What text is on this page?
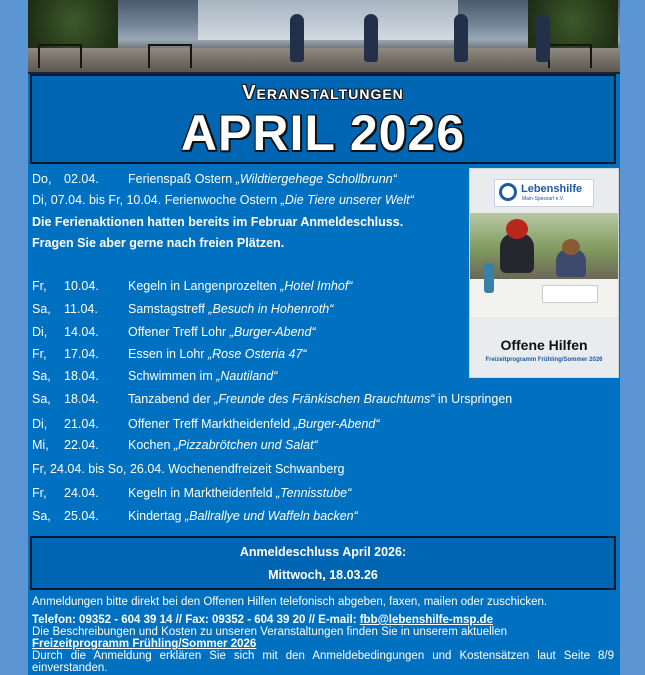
Veranstaltungen
APRIL 2026
Do, 02.04. Ferienspaß Ostern „Wildtiergehege Schollbrunn“
Di, 07.04. bis Fr, 10.04. Ferienwoche Ostern „Die Tiere unserer Welt“
Die Ferienaktionen hatten bereits im Februar Anmeldeschluss.
Fragen Sie aber gerne nach freien Plätzen.
Fr, 10.04. Kegeln in Langenprozelten „Hotel Imhof“
Sa, 11.04. Samstagstreff „Besuch in Hohenroth“
Di, 14.04. Offener Treff Lohr „Burger-Abend“
Fr, 17.04. Essen in Lohr „Rose Osteria 47“
Sa, 18.04. Schwimmen im „Nautiland“
Sa, 18.04. Tanzabend der „Freunde des Fränkischen Brauchtums“ in Urspringen
Di, 21.04. Offener Treff Marktheidenfeld „Burger-Abend“
Mi, 22.04. Kochen „Pizzabrötchen und Salat“
Fr, 24.04. bis So, 26.04. Wochenendfreizeit Schwanberg
Fr, 24.04. Kegeln in Marktheidenfeld „Tennisstube“
Sa, 25.04. Kindertag „Ballrallye und Waffeln backen“
Lebenshilfe
Main-Spessart e.V.
Offene Hilfen
Freizeitprogramm Frühling/Sommer 2026
Anmeldeschluss April 2026:
Mittwoch, 18.03.26
Anmeldungen bitte direkt bei den Offenen Hilfen telefonisch abgeben, faxen, mailen oder zuschicken.
Telefon: 09352 - 604 39 14 // Fax: 09352 - 604 39 20 // E-mail: fbb@lebenshilfe-msp.de
Die Beschreibungen und Kosten zu unseren Veranstaltungen finden Sie in unserem aktuellen
Freizeitprogramm Frühling/Sommer 2026
Durch die Anmeldung erklären Sie sich mit den Anmeldebedingungen und Kostensätzen laut Seite 8/9 einverstanden.
